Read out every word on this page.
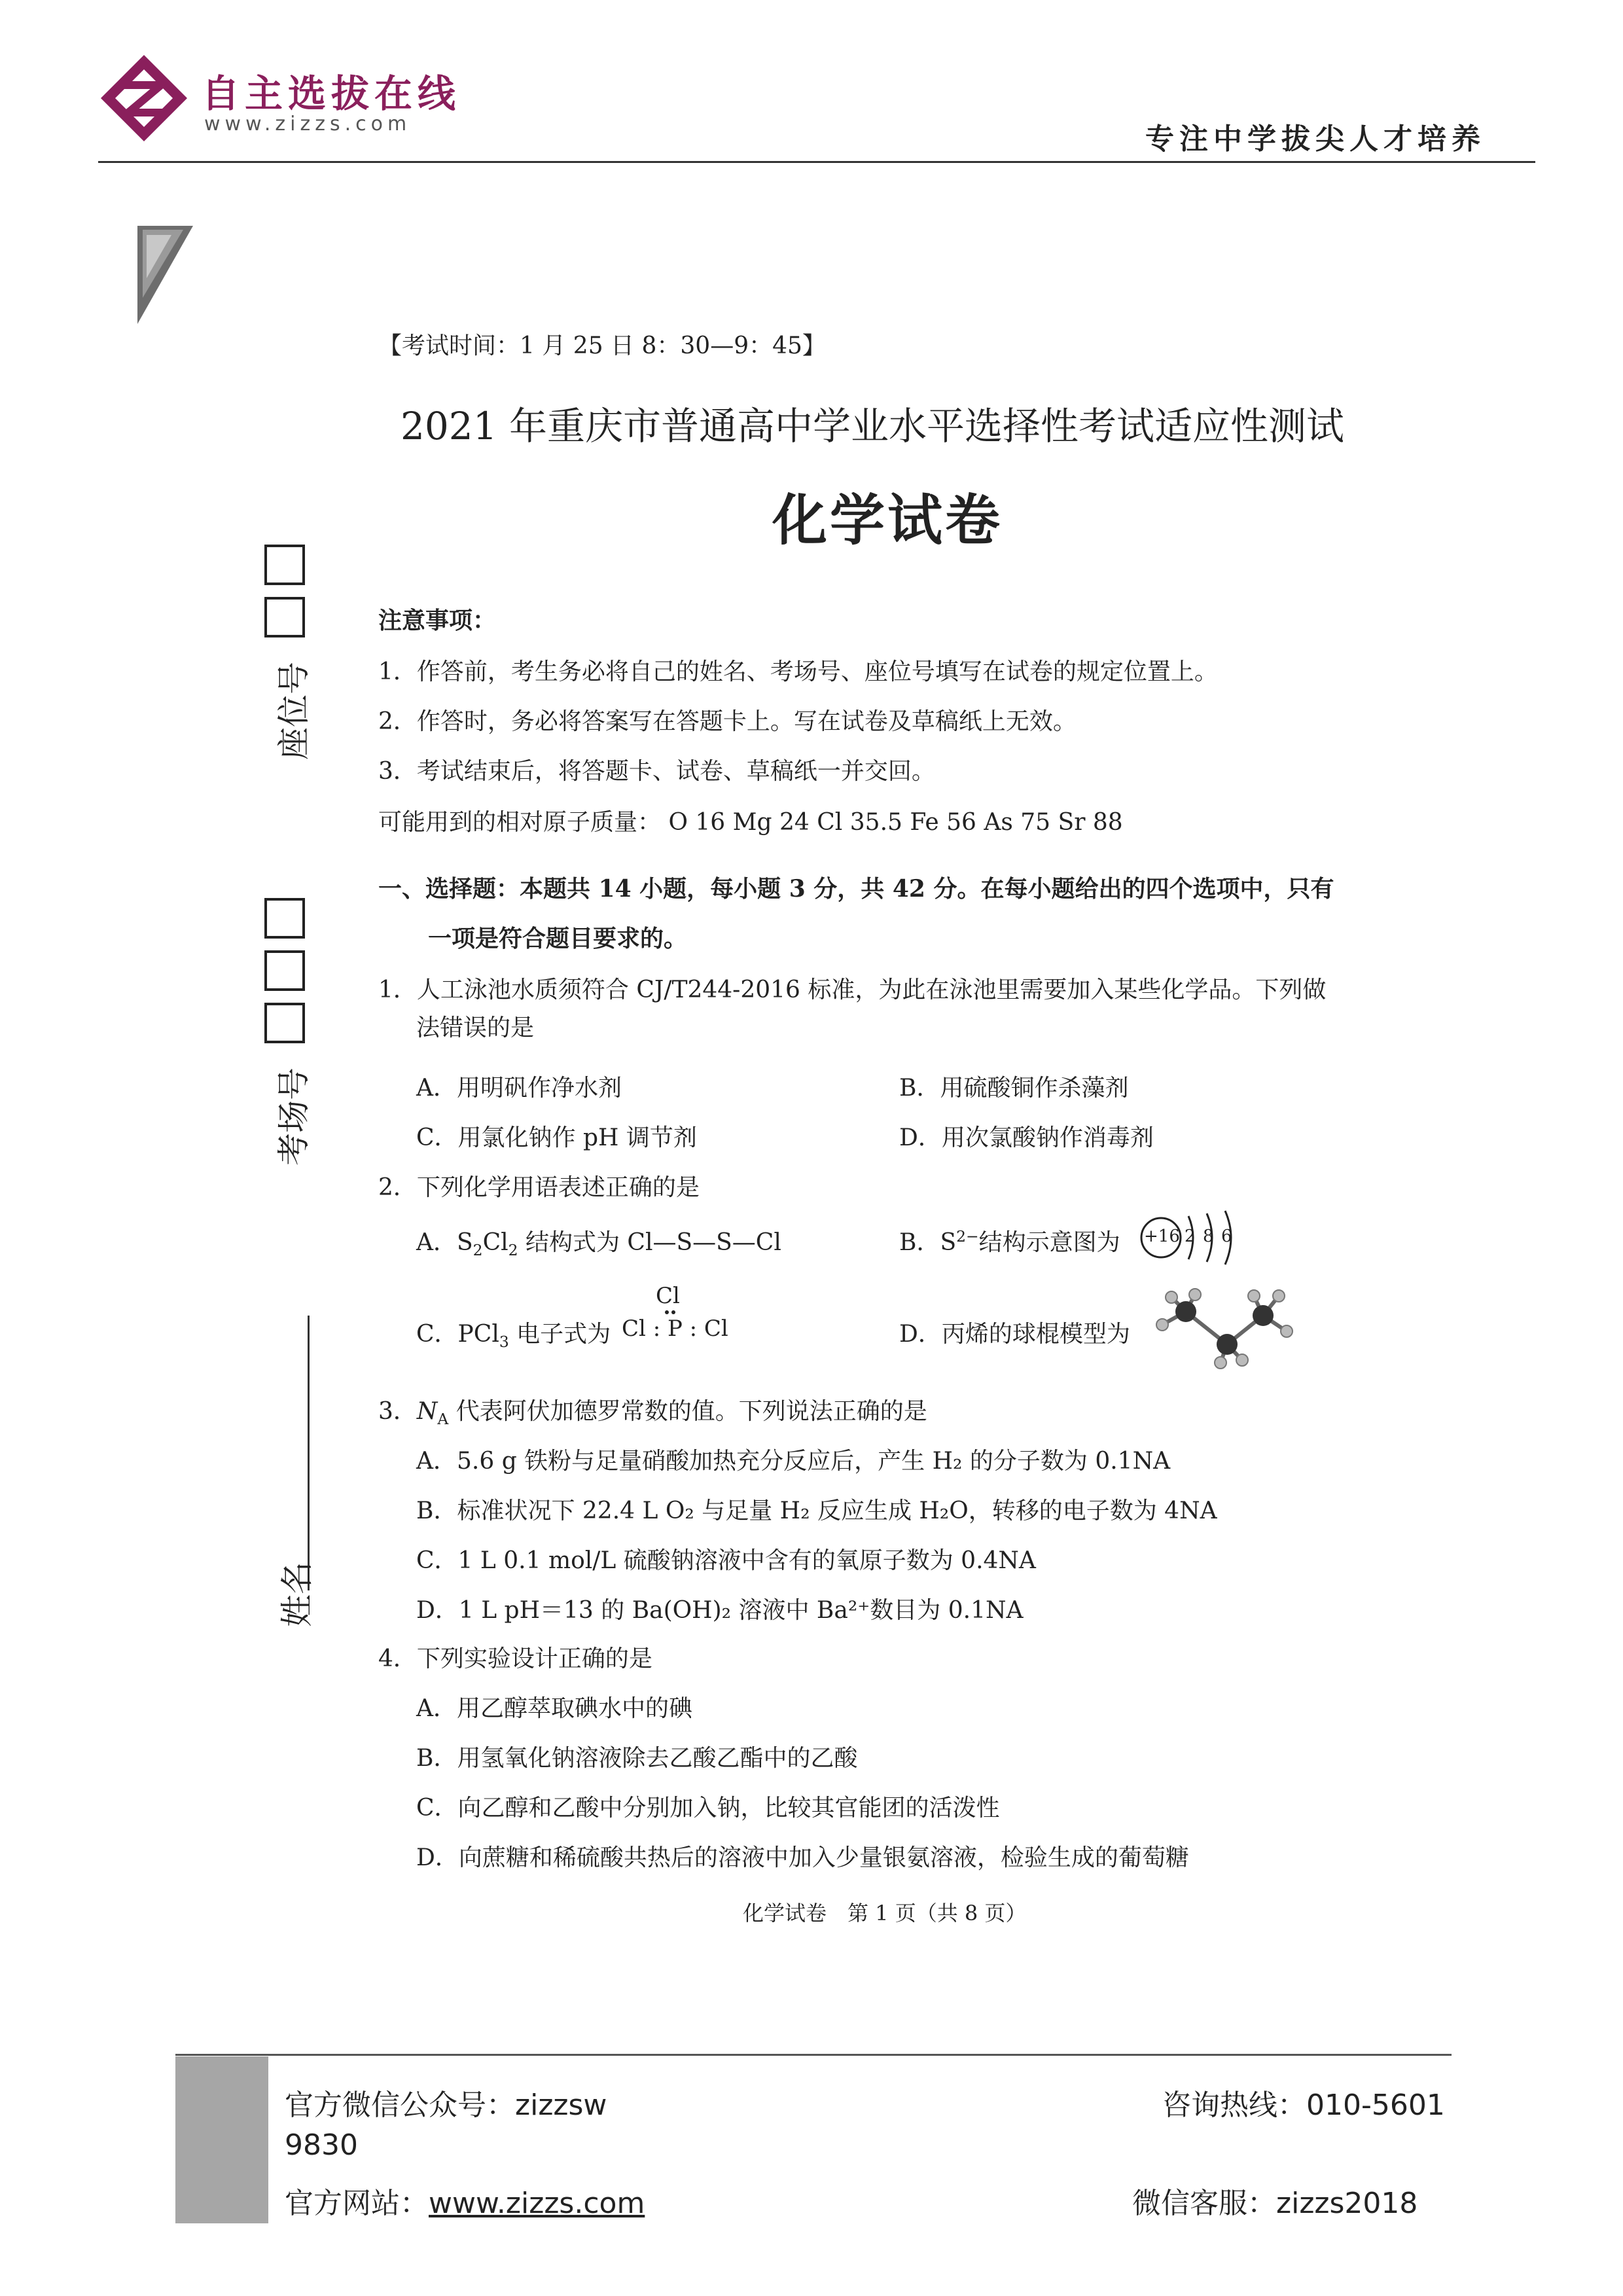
自主选拔在线
www.zizzs.com	专注中学拔尖人才培养
座位号
考场号
姓名
【考试时间：1 月 25 日 8：30—9：45】
2021 年重庆市普通高中学业水平选择性考试适应性测试
化学试卷
注意事项：
1．作答前，考生务必将自己的姓名、考场号、座位号填写在试卷的规定位置上。
2．作答时，务必将答案写在答题卡上。写在试卷及草稿纸上无效。
3．考试结束后，将答题卡、试卷、草稿纸一并交回。
可能用到的相对原子质量： O 16 Mg 24 Cl 35.5 Fe 56 As 75 Sr 88
一、选择题：本题共 14 小题，每小题 3 分，共 42 分。在每小题给出的四个选项中，只有
一项是符合题目要求的。
1．人工泳池水质须符合 CJ/T244-2016 标准，为此在泳池里需要加入某些化学品。下列做
法错误的是
A．用明矾作净水剂	B．用硫酸铜作杀藻剂
C．用氯化钠作 pH 调节剂	D．用次氯酸钠作消毒剂
2．下列化学用语表述正确的是
A．$S_2Cl_2$ 结构式为 Cl—S—S—Cl	B．$S^{2-}$结构示意图为 +16 2 8 6
C．PCl$_3$ 电子式为
Cl
Cl : P : Cl	D．丙烯的球棍模型为
3．$N_A$ 代表阿伏加德罗常数的值。下列说法正确的是
A．5.6 g 铁粉与足量硝酸加热充分反应后，产生 H₂ 的分子数为 0.1NA
B．标准状况下 22.4 L O₂ 与足量 H₂ 反应生成 H₂O，转移的电子数为 4NA
C．1 L 0.1 mol/L 硫酸钠溶液中含有的氧原子数为 0.4NA
D．1 L pH＝13 的 Ba(OH)₂ 溶液中 Ba²⁺数目为 0.1NA
4．下列实验设计正确的是
A．用乙醇萃取碘水中的碘
B．用氢氧化钠溶液除去乙酸乙酯中的乙酸
C．向乙醇和乙酸中分别加入钠，比较其官能团的活泼性
D．向蔗糖和稀硫酸共热后的溶液中加入少量银氨溶液，检验生成的葡萄糖
化学试卷　第 1 页（共 8 页）
官方微信公众号：zizzsw
9830
官方网站：www.zizzs.com
咨询热线：010-5601
微信客服：zizzs2018
